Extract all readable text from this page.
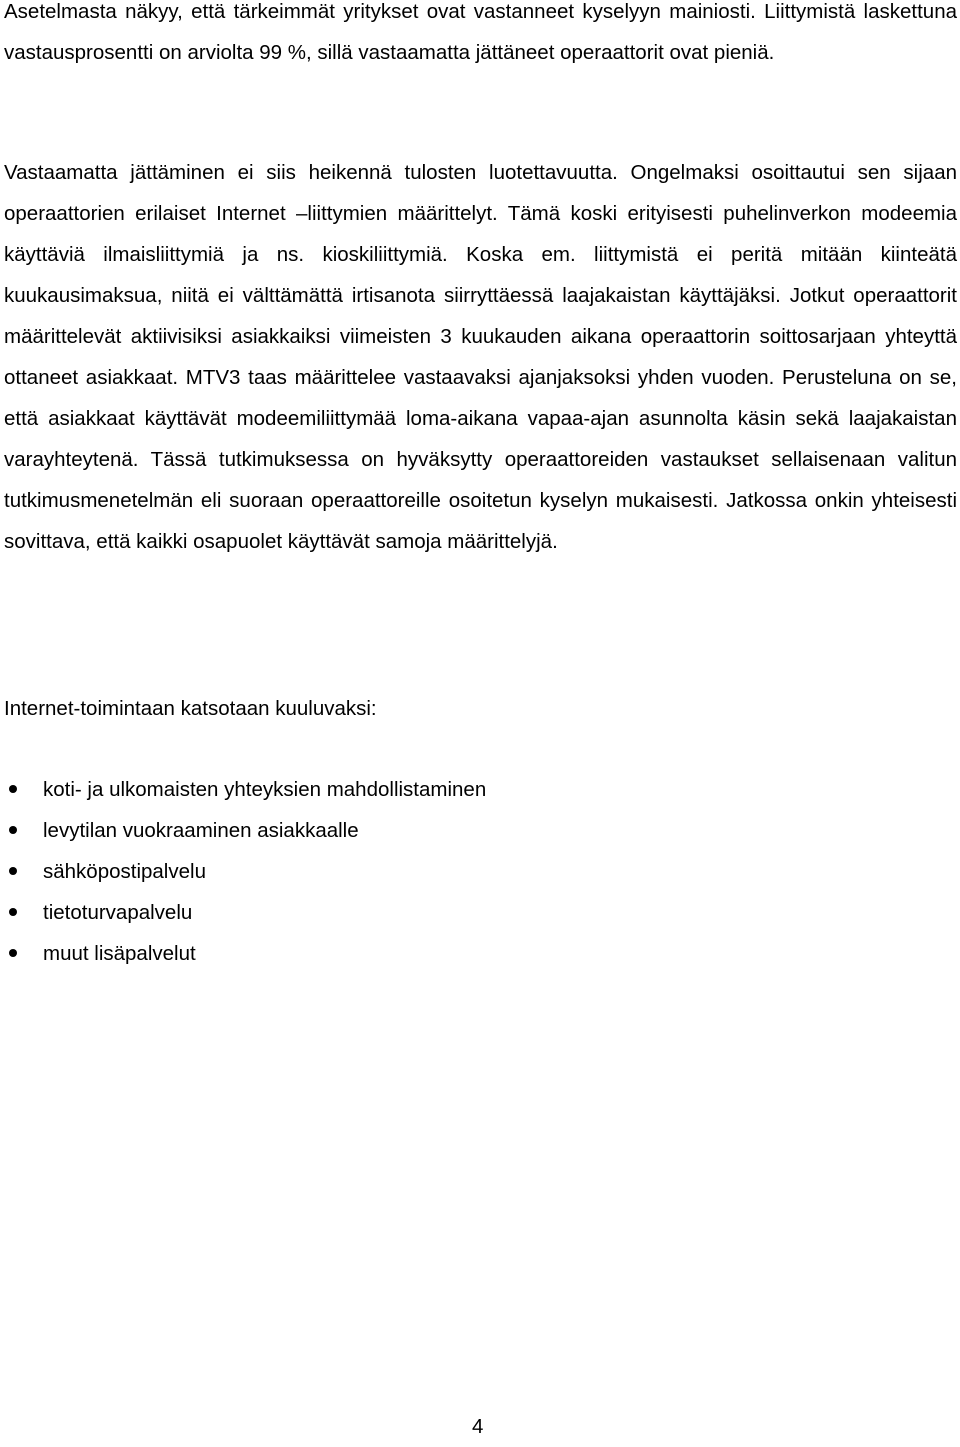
Asetelmasta näkyy, että tärkeimmät yritykset ovat vastanneet kyselyyn mainiosti. Liittymistä laskettuna vastausprosentti on arviolta 99 %, sillä vastaamatta jättäneet operaattorit ovat pieniä.

Vastaamatta jättäminen ei siis heikennä tulosten luotettavuutta. Ongelmaksi osoittautui sen sijaan operaattorien erilaiset Internet –liittymien määrittelyt. Tämä koski erityisesti puhelinverkon modeemia käyttäviä ilmaisliittymiä ja ns. kioskiliittymiä. Koska em. liittymistä ei peritä mitään kiinteätä kuukausimaksua, niitä ei välttämättä irtisanota siirryttäessä laajakaistan käyttäjäksi. Jotkut operaattorit määrittelevät aktiivisiksi asiakkaiksi viimeisten 3 kuukauden aikana operaattorin soittosarjaan yhteyttä ottaneet asiakkaat. MTV3 taas määrittelee vastaavaksi ajanjaksoksi yhden vuoden. Perusteluna on se, että asiakkaat käyttävät modeemiliittymää loma-aikana vapaa-ajan asunnolta käsin sekä laajakaistan varayhteytenä. Tässä tutkimuksessa on hyväksytty operaattoreiden vastaukset sellaisenaan valitun tutkimusmenetelmän eli suoraan operaattoreille osoitetun kyselyn mukaisesti. Jatkossa onkin yhteisesti sovittava, että kaikki osapuolet käyttävät samoja määrittelyjä.

Internet-toimintaan katsotaan kuuluvaksi:

koti- ja ulkomaisten yhteyksien mahdollistaminen
levytilan vuokraaminen asiakkaalle
sähköpostipalvelu
tietoturvapalvelu
muut lisäpalvelut

4
